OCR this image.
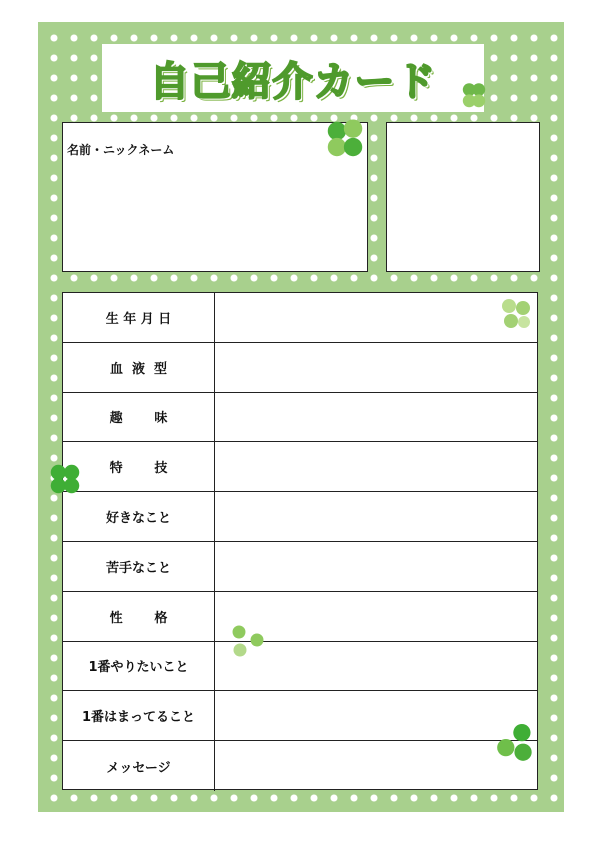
自己紹介カード
名前・ニックネーム
生 年 月 日
血  液  型
趣       味
特       技
好きなこと
苦手なこと
性       格
1番やりたいこと
1番はまってること
メッセージ
